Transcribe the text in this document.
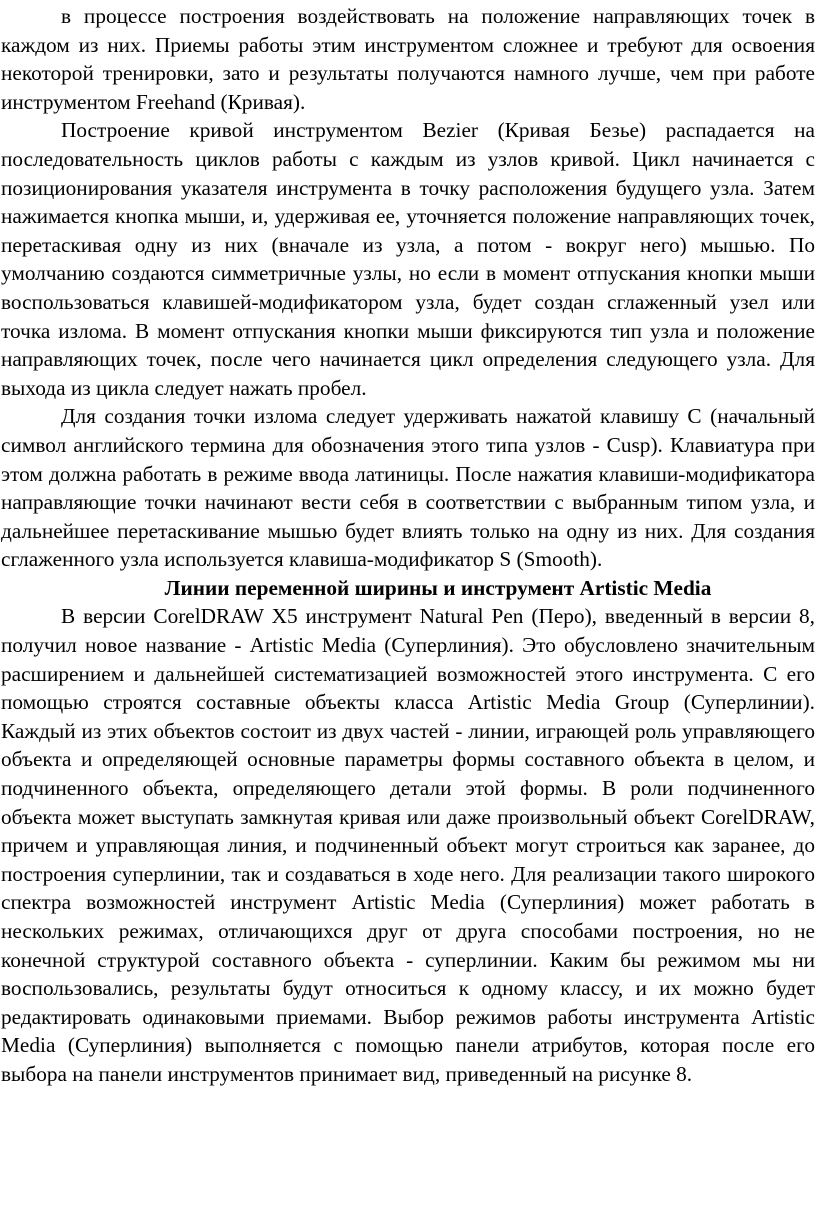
в процессе построения воздействовать на положение направляющих точек в каждом из них. Приемы работы этим инструментом сложнее и требуют для освоения некоторой тренировки, зато и результаты получаются намного лучше, чем при работе инструментом Freehand (Кривая).

Построение кривой инструментом Bezier (Кривая Безье) распадается на последовательность циклов работы с каждым из узлов кривой. Цикл начинается с позиционирования указателя инструмента в точку расположения будущего узла. Затем нажимается кнопка мыши, и, удерживая ее, уточняется положение направляющих точек, перетаскивая одну из них (вначале из узла, а потом - вокруг него) мышью. По умолчанию создаются симметричные узлы, но если в момент отпускания кнопки мыши воспользоваться клавишей-модификатором узла, будет создан сглаженный узел или точка излома. В момент отпускания кнопки мыши фиксируются тип узла и положение направляющих точек, после чего начинается цикл определения следующего узла. Для выхода из цикла следует нажать пробел.

Для создания точки излома следует удерживать нажатой клавишу С (начальный символ английского термина для обозначения этого типа узлов - Cusp). Клавиатура при этом должна работать в режиме ввода латиницы. После нажатия клавиши-модификатора направляющие точки начинают вести себя в соответствии с выбранным типом узла, и дальнейшее перетаскивание мышью будет влиять только на одну из них. Для создания сглаженного узла используется клавиша-модификатор S (Smooth).

Линии переменной ширины и инструмент Artistic Media

В версии CorelDRAW X5 инструмент Natural Pen (Перо), введенный в версии 8, получил новое название - Artistic Media (Суперлиния). Это обусловлено значительным расширением и дальнейшей систематизацией возможностей этого инструмента. С его помощью строятся составные объекты класса Artistic Media Group (Суперлинии). Каждый из этих объектов состоит из двух частей - линии, играющей роль управляющего объекта и определяющей основные параметры формы составного объекта в целом, и подчиненного объекта, определяющего детали этой формы. В роли подчиненного объекта может выступать замкнутая кривая или даже произвольный объект CorelDRAW, причем и управляющая линия, и подчиненный объект могут строиться как заранее, до построения суперлинии, так и создаваться в ходе него. Для реализации такого широкого спектра возможностей инструмент Artistic Media (Суперлиния) может работать в нескольких режимах, отличающихся друг от друга способами построения, но не конечной структурой составного объекта - суперлинии. Каким бы режимом мы ни воспользовались, результаты будут относиться к одному классу, и их можно будет редактировать одинаковыми приемами. Выбор режимов работы инструмента Artistic Media (Суперлиния) выполняется с помощью панели атрибутов, которая после его выбора на панели инструментов принимает вид, приведенный на рисунке 8.
